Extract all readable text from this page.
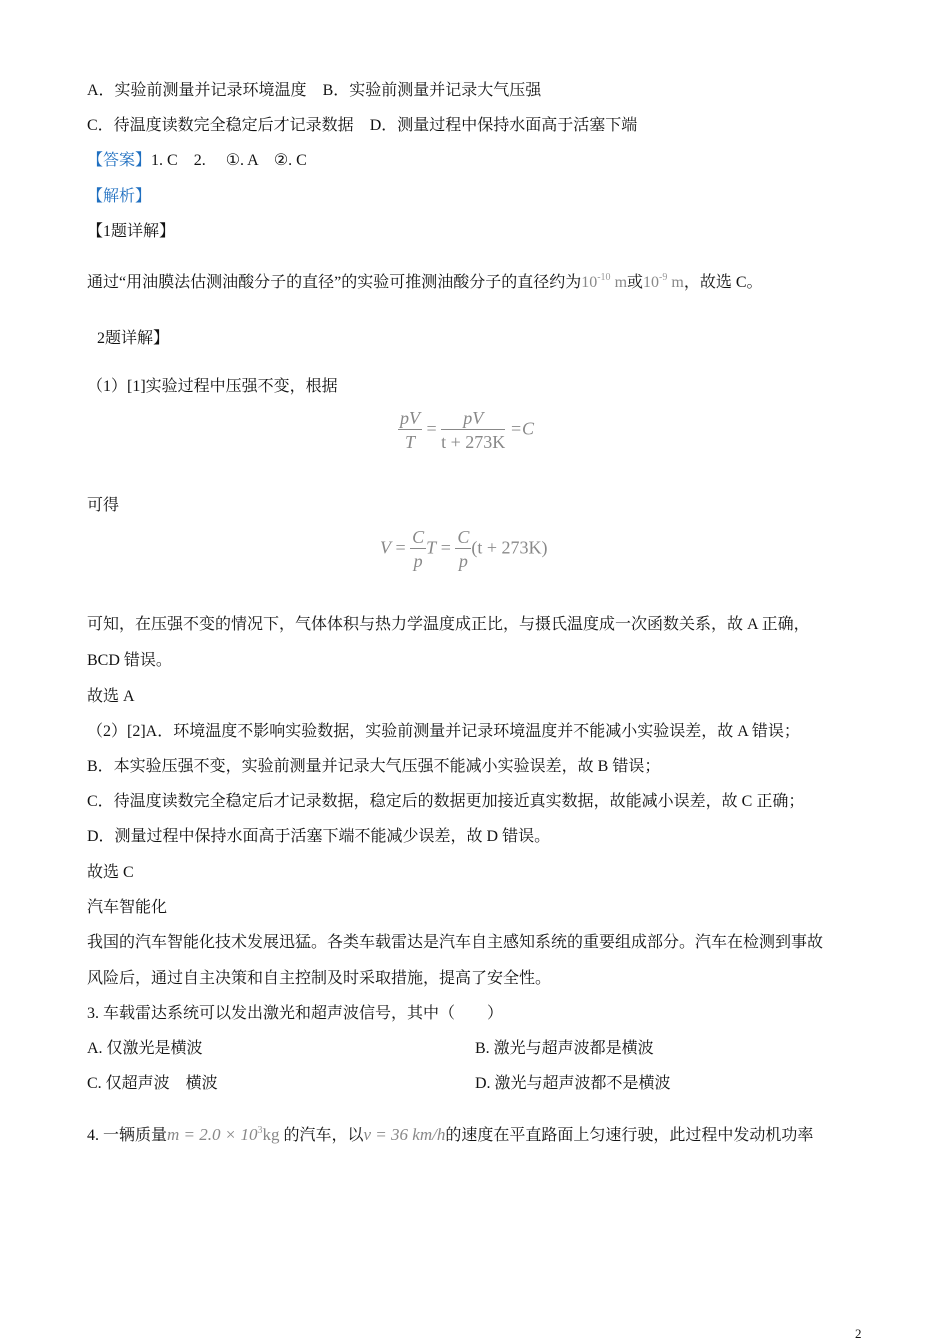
A．实验前测量并记录环境温度 B．实验前测量并记录大气压强
C．待温度读数完全稳定后才记录数据 D．测量过程中保持水面高于活塞下端
【答案】1. C    2.     ①. A    ②. C
【解析】
【1题详解】
通过“用油膜法估测油酸分子的直径”的实验可推测油酸分子的直径约为$10^{-10}$ m或$10^{-9}$ m，故选 C。
2题详解】
（1）[1]实验过程中压强不变，根据
$\frac{pV}{T} = \frac{pV}{t + 273K} =C$
可得
$V = \frac{C}{p}$ $T = \frac{C}{p} (t + 273K)$
可知，在压强不变的情况下，气体体积与热力学温度成正比，与摄氏温度成一次函数关系，故 A 正确，
BCD 错误。
故选 A
（2）[2]A．环境温度不影响实验数据，实验前测量并记录环境温度并不能减小实验误差，故 A 错误；
B．本实验压强不变，实验前测量并记录大气压强不能减小实验误差，故 B 错误；
C．待温度读数完全稳定后才记录数据，稳定后的数据更加接近真实数据，故能减小误差，故 C 正确；
D．测量过程中保持水面高于活塞下端不能减少误差，故 D 错误。
故选 C
汽车智能化
我国的汽车智能化技术发展迅猛。各类车载雷达是汽车自主感知系统的重要组成部分。汽车在检测到事故
风险后，通过自主决策和自主控制及时采取措施，提高了安全性。
3. 车载雷达系统可以发出激光和超声波信号，其中（        ）
A. 仅激光是横波	B. 激光与超声波都是横波
C. 仅超声波    横波	D. 激光与超声波都不是横波
4. 一辆质量$m = 2.0 \times 10^3kg$ 的汽车，以v = 36 km/h的速度在平直路面上匀速行驶，此过程中发动机功率
2
